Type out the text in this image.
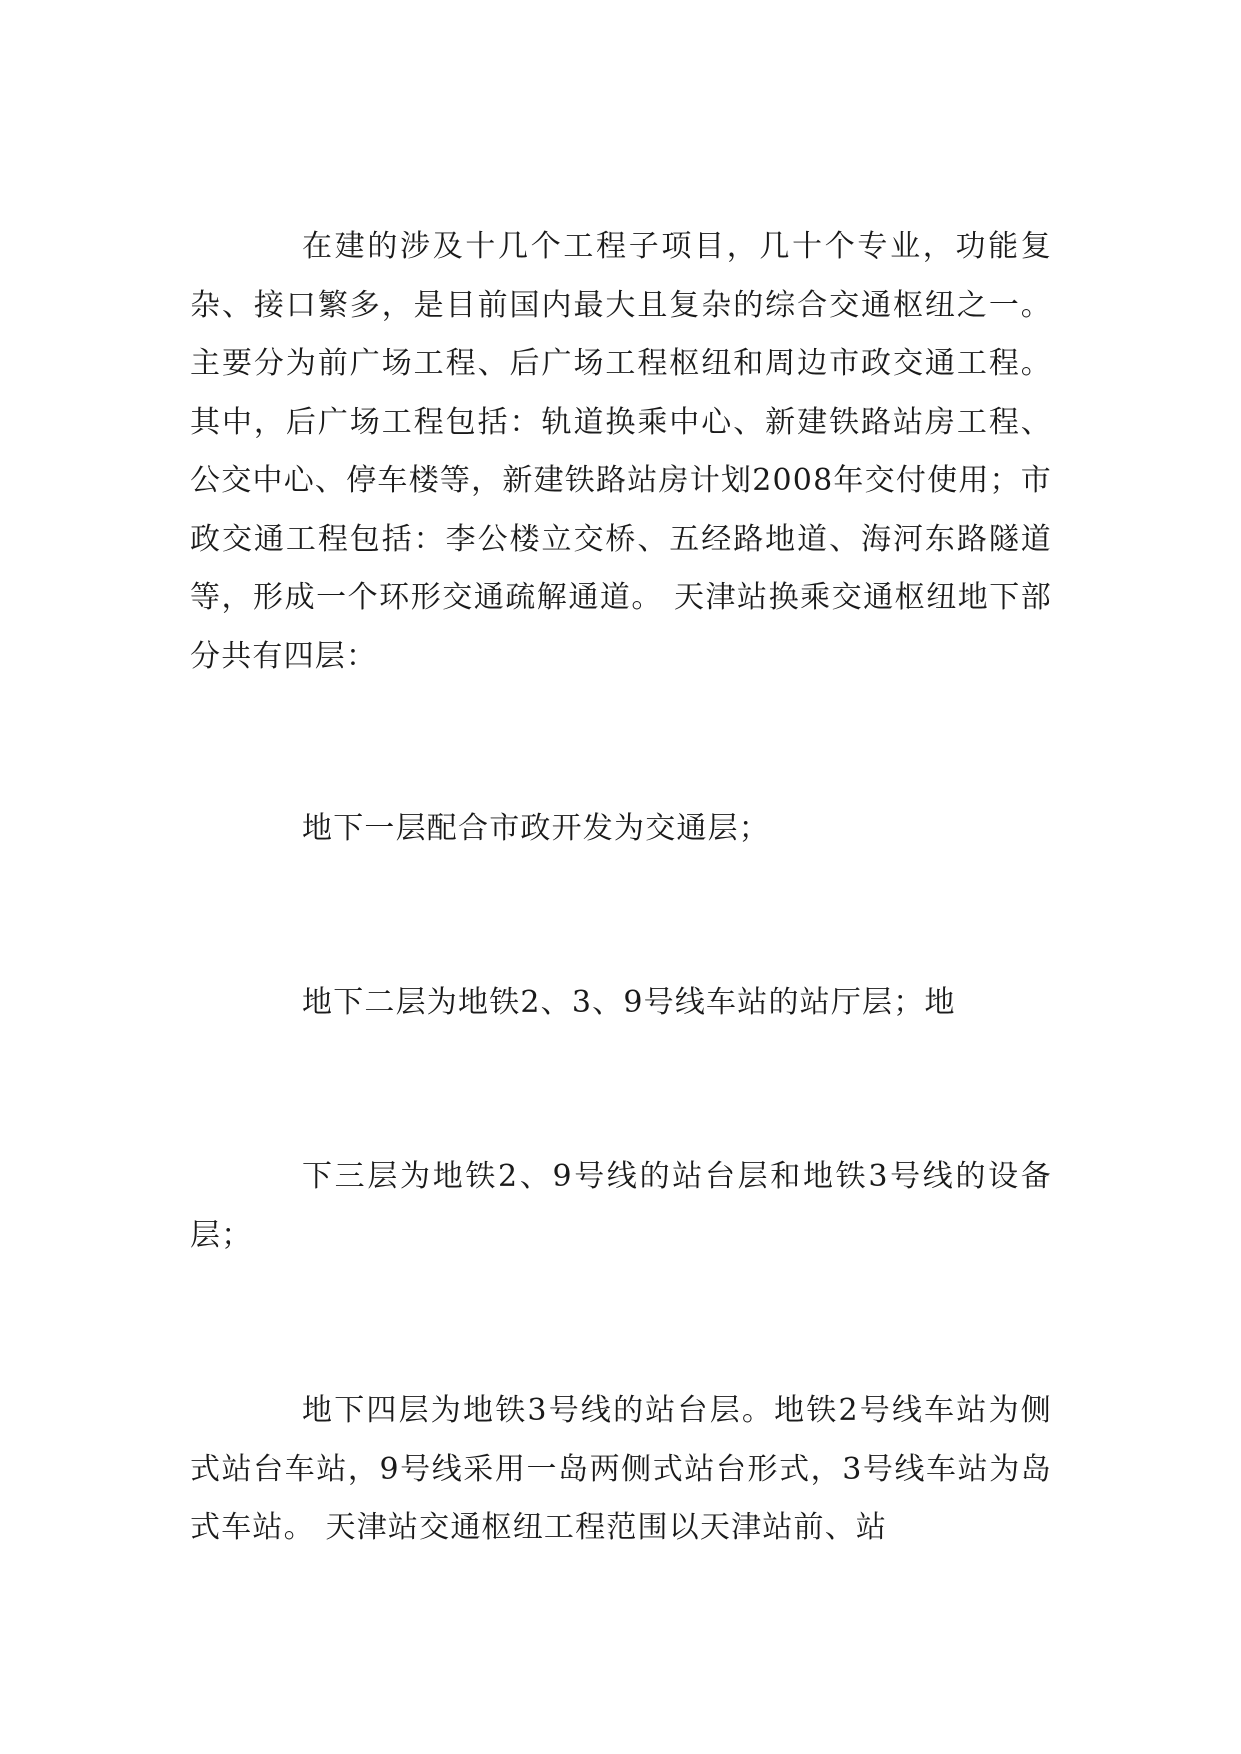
在建的涉及十几个工程子项目，几十个专业，功能复杂、接口繁多，是目前国内最大且复杂的综合交通枢纽之一。主要分为前广场工程、后广场工程枢纽和周边市政交通工程。其中，后广场工程包括：轨道换乘中心、新建铁路站房工程、公交中心、停车楼等，新建铁路站房计划2008年交付使用；市政交通工程包括：李公楼立交桥、五经路地道、海河东路隧道等，形成一个环形交通疏解通道。 天津站换乘交通枢纽地下部分共有四层：

地下一层配合市政开发为交通层；

地下二层为地铁2、3、9号线车站的站厅层；地

下三层为地铁2、9号线的站台层和地铁3号线的设备层；

地下四层为地铁3号线的站台层。地铁2号线车站为侧式站台车站，9号线采用一岛两侧式站台形式，3号线车站为岛式车站。 天津站交通枢纽工程范围以天津站前、站
